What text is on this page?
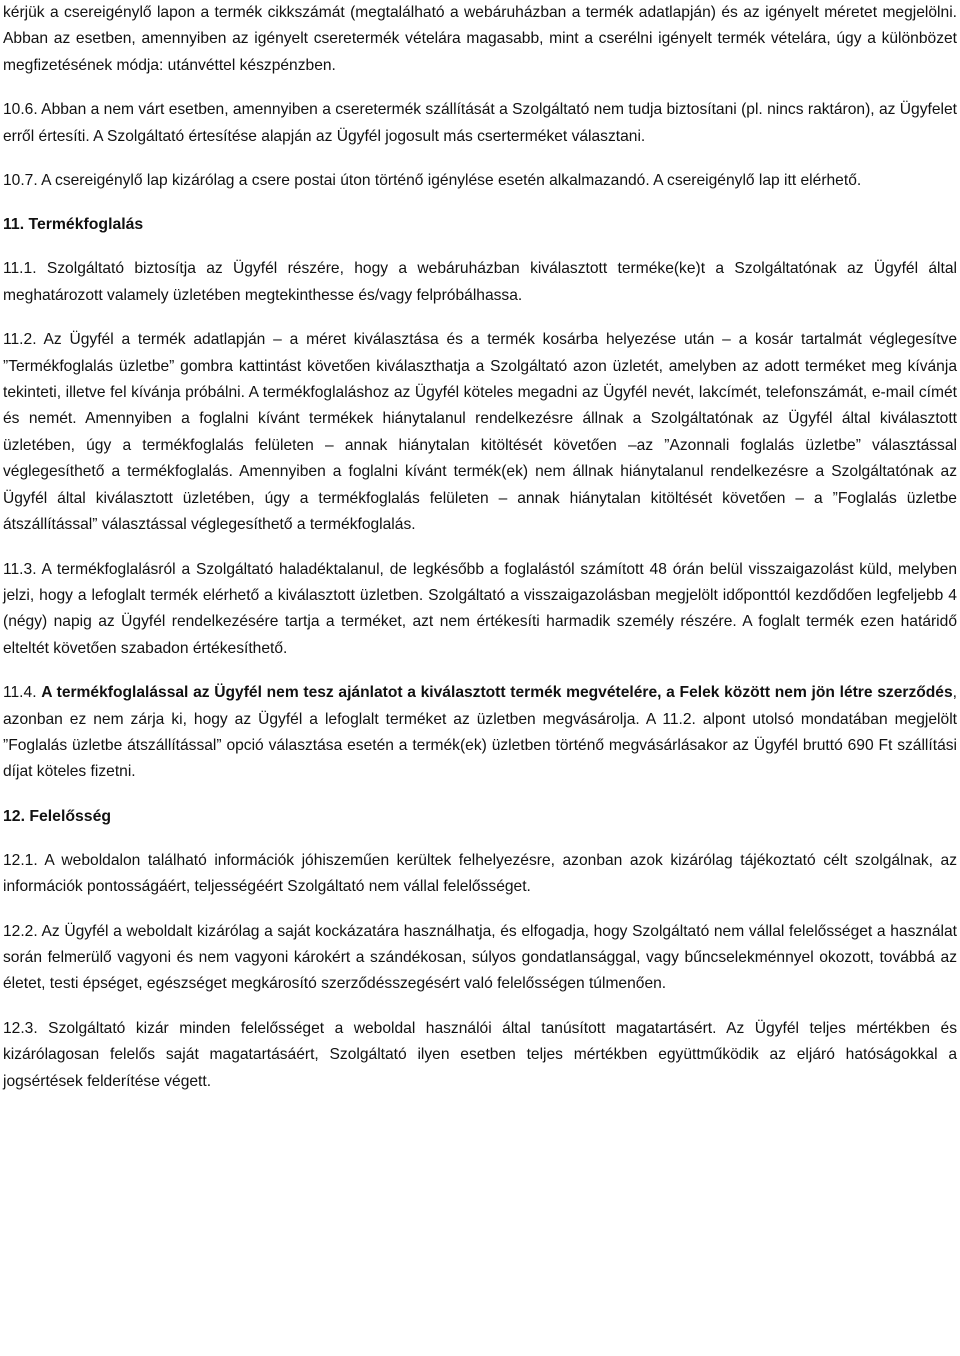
kérjük a csereigénylő lapon a termék cikkszámát (megtalálható a webáruházban a termék adatlapján) és az igényelt méretet megjelölni. Abban az esetben, amennyiben az igényelt cseretermék vételára magasabb, mint a cserélni igényelt termék vételára, úgy a különbözet megfizetésének módja: utánvéttel készpénzben.

10.6. Abban a nem várt esetben, amennyiben a cseretermék szállítását a Szolgáltató nem tudja biztosítani (pl. nincs raktáron), az Ügyfelet erről értesíti. A Szolgáltató értesítése alapján az Ügyfél jogosult más cserterméket választani.

10.7. A csereigénylő lap kizárólag a csere postai úton történő igénylése esetén alkalmazandó. A csereigénylő lap itt elérhető.

11. Termékfoglalás

11.1. Szolgáltató biztosítja az Ügyfél részére, hogy a webáruházban kiválasztott terméke(ke)t a Szolgáltatónak az Ügyfél által meghatározott valamely üzletében megtekinthesse és/vagy felpróbálhassa.

11.2. Az Ügyfél a termék adatlapján – a méret kiválasztása és a termék kosárba helyezése után – a kosár tartalmát véglegesítve ”Termékfoglalás üzletbe” gombra kattintást követően kiválaszthatja a Szolgáltató azon üzletét, amelyben az adott terméket meg kívánja tekinteti, illetve fel kívánja próbálni. A termékfoglaláshoz az Ügyfél köteles megadni az Ügyfél nevét, lakcímét, telefonszámát, e-mail címét és nemét. Amennyiben a foglalni kívánt termékek hiánytalanul rendelkezésre állnak a Szolgáltatónak az Ügyfél által kiválasztott üzletében, úgy a termékfoglalás felületen – annak hiánytalan kitöltését követően –az ”Azonnali foglalás üzletbe” választással véglegesíthető a termékfoglalás. Amennyiben a foglalni kívánt termék(ek) nem állnak hiánytalanul rendelkezésre a Szolgáltatónak az Ügyfél által kiválasztott üzletében, úgy a termékfoglalás felületen – annak hiánytalan kitöltését követően – a ”Foglalás üzletbe átszállítással” választással véglegesíthető a termékfoglalás.

11.3. A termékfoglalásról a Szolgáltató haladéktalanul, de legkésőbb a foglalástól számított 48 órán belül visszaigazolást küld, melyben jelzi, hogy a lefoglalt termék elérhető a kiválasztott üzletben. Szolgáltató a visszaigazolásban megjelölt időponttól kezdődően legfeljebb 4 (négy) napig az Ügyfél rendelkezésére tartja a terméket, azt nem értékesíti harmadik személy részére. A foglalt termék ezen határidő elteltét követően szabadon értékesíthető.

11.4. A termékfoglalással az Ügyfél nem tesz ajánlatot a kiválasztott termék megvételére, a Felek között nem jön létre szerződés, azonban ez nem zárja ki, hogy az Ügyfél a lefoglalt terméket az üzletben megvásárolja. A 11.2. alpont utolsó mondatában megjelölt ”Foglalás üzletbe átszállítással” opció választása esetén a termék(ek) üzletben történő megvásárlásakor az Ügyfél bruttó 690 Ft szállítási díjat köteles fizetni.

12. Felelősség

12.1. A weboldalon található információk jóhiszeműen kerültek felhelyezésre, azonban azok kizárólag tájékoztató célt szolgálnak, az információk pontosságáért, teljességéért Szolgáltató nem vállal felelősséget.

12.2. Az Ügyfél a weboldalt kizárólag a saját kockázatára használhatja, és elfogadja, hogy Szolgáltató nem vállal felelősséget a használat során felmerülő vagyoni és nem vagyoni károkért a szándékosan, súlyos gondatlansággal, vagy bűncselekménnyel okozott, továbbá az életet, testi épséget, egészséget megkárosító szerződésszegésért való felelősségen túlmenően.

12.3. Szolgáltató kizár minden felelősséget a weboldal használói által tanúsított magatartásért. Az Ügyfél teljes mértékben és kizárólagosan felelős saját magatartásáért, Szolgáltató ilyen esetben teljes mértékben együttműködik az eljáró hatóságokkal a jogsértések felderítése végett.
